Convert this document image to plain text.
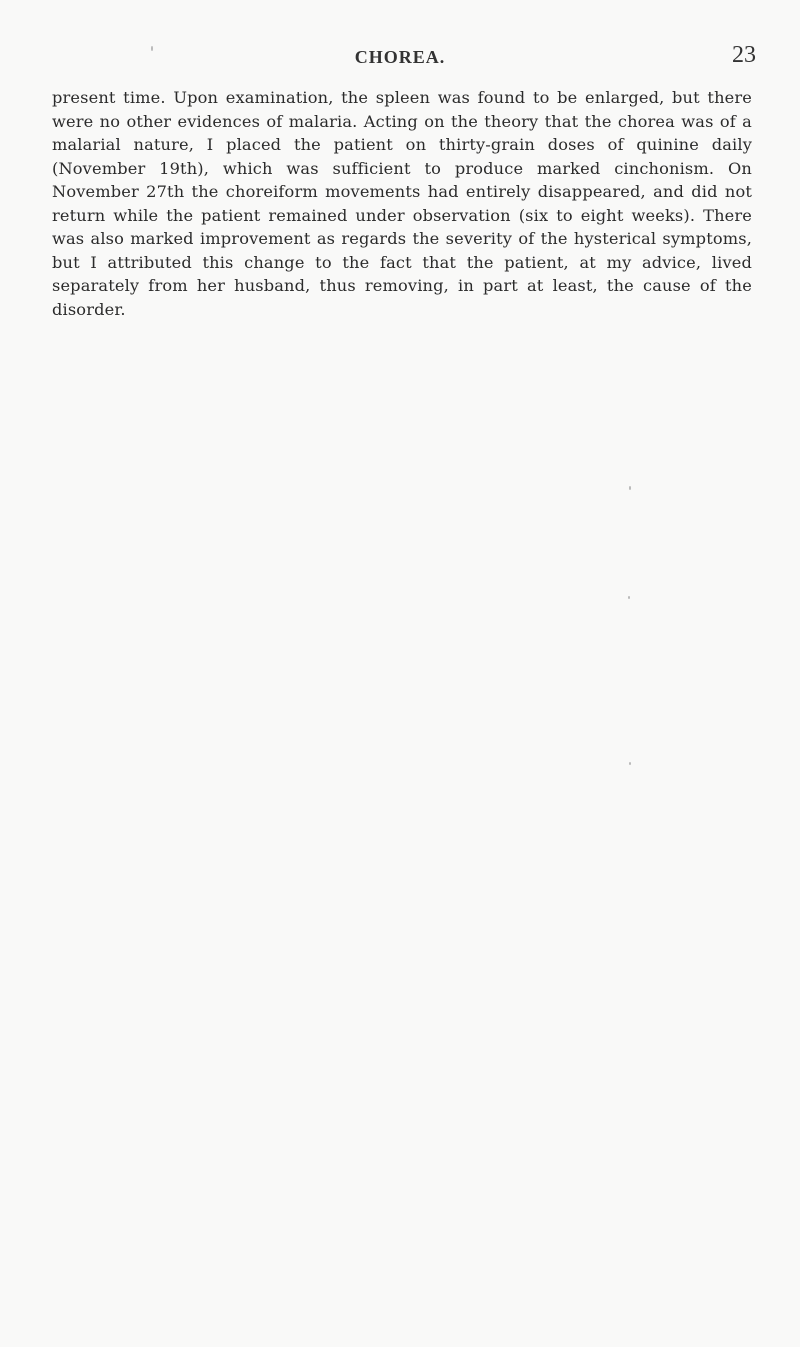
CHOREA.	23

present time. Upon examination, the spleen was found to be enlarged, but there were no other evidences of malaria. Acting on the theory that the chorea was of a malarial nature, I placed the patient on thirty-grain doses of quinine daily (November 19th), which was sufficient to produce marked cinchonism. On November 27th the choreiform movements had entirely disappeared, and did not return while the patient remained under observation (six to eight weeks). There was also marked improvement as regards the severity of the hysterical symptoms, but I attributed this change to the fact that the patient, at my advice, lived separately from her husband, thus removing, in part at least, the cause of the disorder.
